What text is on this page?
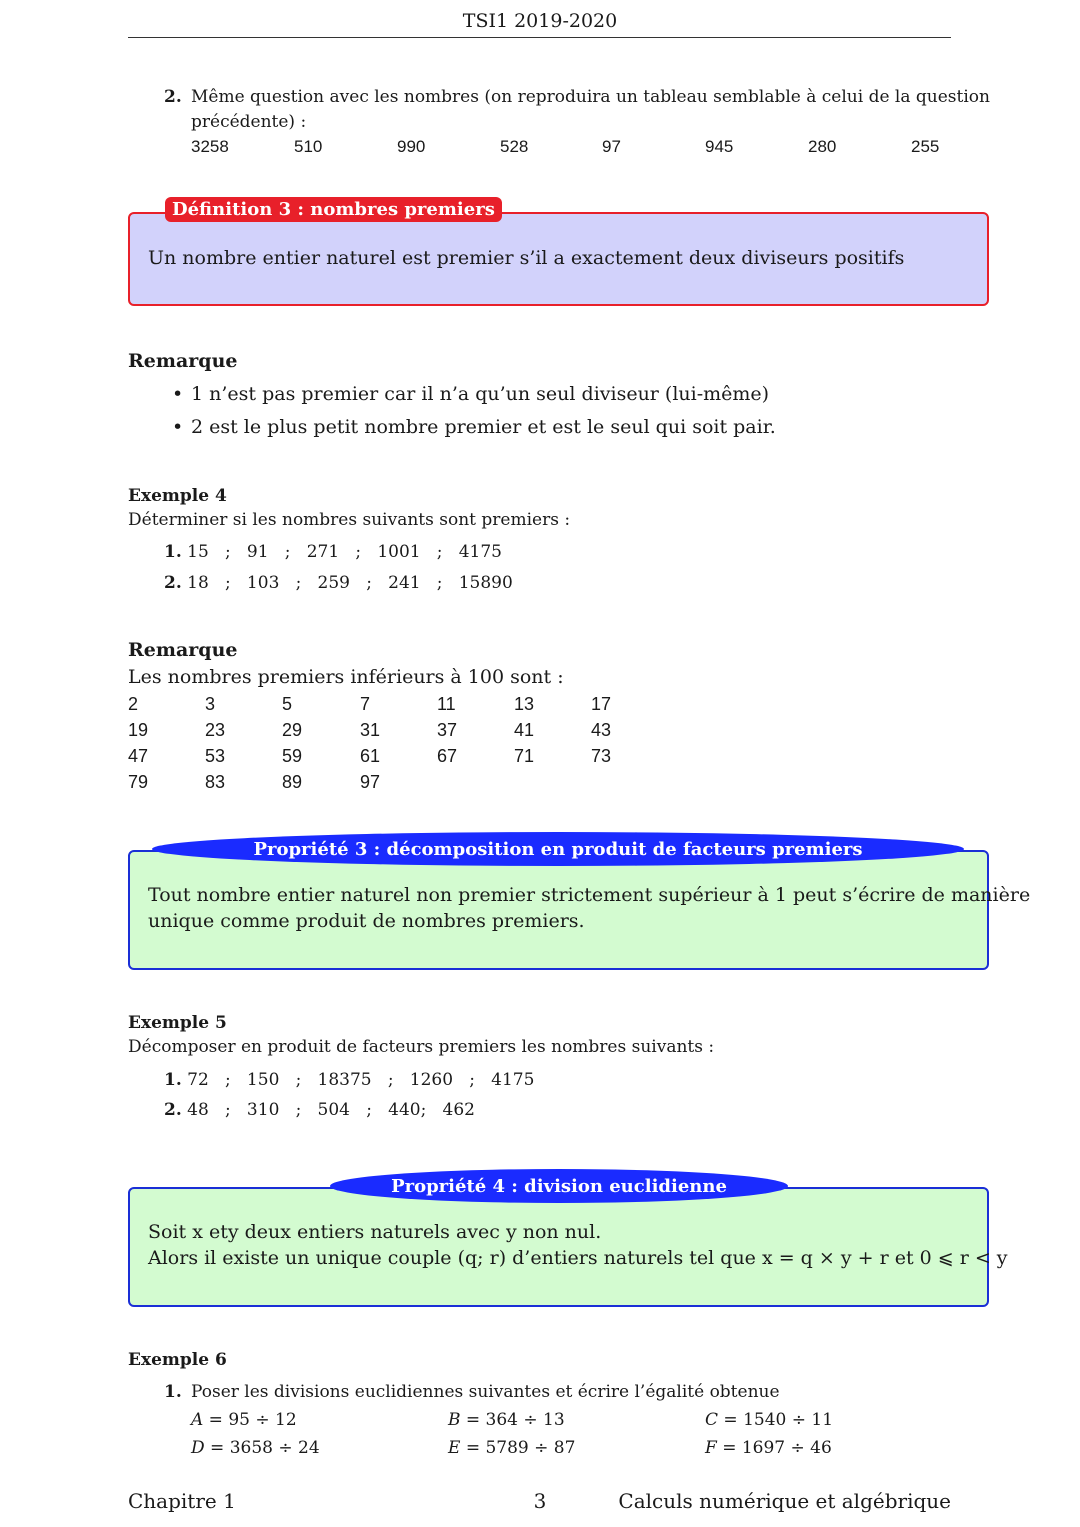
TSI1 2019-2020
2. Même question avec les nombres (on reproduira un tableau semblable à celui de la question
précédente) :
3258	510	990	528	97	945	280	255
Définition 3 : nombres premiers
Un nombre entier naturel est premier s’il a exactement deux diviseurs positifs
Remarque
• 1 n’est pas premier car il n’a qu’un seul diviseur (lui-même)
• 2 est le plus petit nombre premier et est le seul qui soit pair.
Exemple 4
Déterminer si les nombres suivants sont premiers :
1. 15   ;   91   ;   271   ;   1001   ;   4175
2. 18   ;   103   ;   259   ;   241   ;   15890
Remarque
Les nombres premiers inférieurs à 100 sont :
2	3	5	7	11	13	17
19	23	29	31	37	41	43
47	53	59	61	67	71	73
79	83	89	97
Propriété 3 : décomposition en produit de facteurs premiers
Tout nombre entier naturel non premier strictement supérieur à 1 peut s’écrire de manière
unique comme produit de nombres premiers.
Exemple 5
Décomposer en produit de facteurs premiers les nombres suivants :
1. 72   ;   150   ;   18375   ;   1260   ;   4175
2. 48   ;   310   ;   504   ;   440;   462
Propriété 4 : division euclidienne
Soit x ety deux entiers naturels avec y non nul.
Alors il existe un unique couple (q; r) d’entiers naturels tel que x = q × y + r et 0 ⩽ r < y
Exemple 6
1. Poser les divisions euclidiennes suivantes et écrire l’égalité obtenue
A = 95 ÷ 12	B = 364 ÷ 13	C = 1540 ÷ 11
D = 3658 ÷ 24	E = 5789 ÷ 87	F = 1697 ÷ 46
Chapitre 1	3	Calculs numérique et algébrique
